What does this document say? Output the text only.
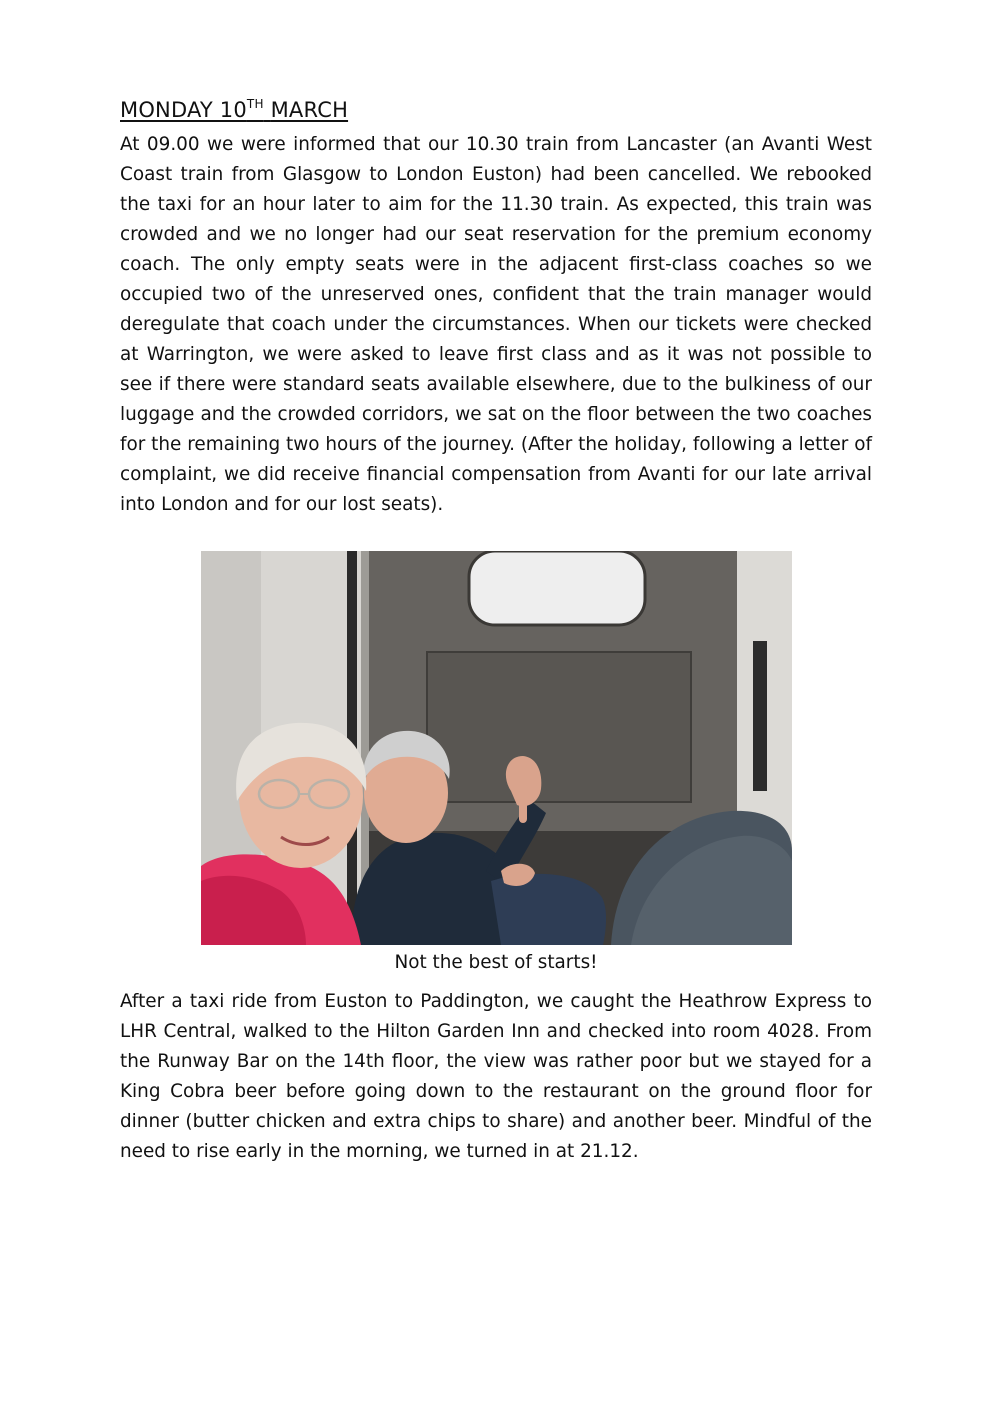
MONDAY 10TH MARCH

At 09.00 we were informed that our 10.30 train from Lancaster (an Avanti West Coast train from Glasgow to London Euston) had been cancelled. We rebooked the taxi for an hour later to aim for the 11.30 train. As expected, this train was crowded and we no longer had our seat reservation for the premium economy coach. The only empty seats were in the adjacent first-class coaches so we occupied two of the unreserved ones, confident that the train manager would deregulate that coach under the circumstances. When our tickets were checked at Warrington, we were asked to leave first class and as it was not possible to see if there were standard seats available elsewhere, due to the bulkiness of our luggage and the crowded corridors, we sat on the floor between the two coaches for the remaining two hours of the journey. (After the holiday, following a letter of complaint, we did receive financial compensation from Avanti for our late arrival into London and for our lost seats).

Not the best of starts!

After a taxi ride from Euston to Paddington, we caught the Heathrow Express to LHR Central, walked to the Hilton Garden Inn and checked into room 4028. From the Runway Bar on the 14th floor, the view was rather poor but we stayed for a King Cobra beer before going down to the restaurant on the ground floor for dinner (butter chicken and extra chips to share) and another beer. Mindful of the need to rise early in the morning, we turned in at 21.12.
